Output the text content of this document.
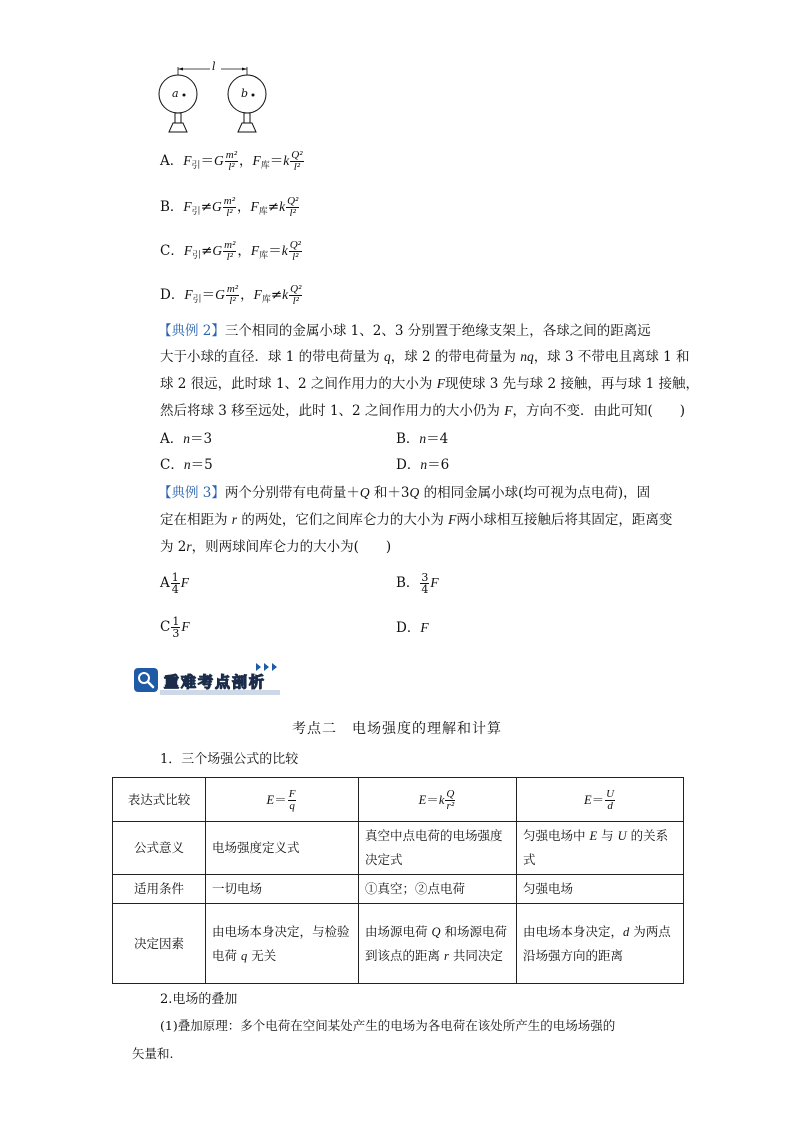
l
a	b
A．$F_引=G \frac{\text{m²}}{\text{l²}}$ ，$F_库=k \frac{\text{Q²}}{\text{l²}}$
B．$F_引\ne G \frac{\text{m²}}{\text{l²}}$ ，$F_库\ne k \frac{\text{Q²}}{\text{l²}}$
C．$F_引\ne G \frac{\text{m²}}{\text{l²}}$ ，$F_库=k \frac{\text{Q²}}{\text{l²}}$
D．$F_引=G \frac{\text{m²}}{\text{l²}}$ ，$F_库\ne k \frac{\text{Q²}}{\text{l²}}$
【典例 2】三个相同的金属小球 1、2、3 分别置于绝缘支架上，各球之间的距离远
大于小球的直径．球 1 的带电荷量为 q，球 2 的带电荷量为 nq，球 3 不带电且离球 1 和
球 2 很远，此时球 1、2 之间作用力的大小为 F现使球 3 先与球 2 接触，再与球 1 接触，
然后将球 3 移至远处，此时 1、2 之间作用力的大小仍为 F，方向不变．由此可知(　　)
A．n＝3	B．n＝4
C．n＝5	D．n＝6
【典例 3】两个分别带有电荷量＋Q 和＋3Q 的相同金属小球(均可视为点电荷)，固
定在相距为 r 的两处，它们之间库仑力的大小为 F两小球相互接触后将其固定，距离变
为 2r，则两球间库仑力的大小为(　　)
A $\frac{1}{4}$ F	B． $\frac{3}{4}$ F
C $\frac{1}{3}$ F	D．F
重难考点剖析
考点二　电场强度的理解和计算
1．三个场强公式的比较
表达式比较	$E= \frac{F}{q}$	$E=k \frac{Q}{\text{r²}}$	$E= \frac{U}{d}$

公式意义	电场强度定义式	真空中点电荷的电场强度决定式	匀强电场中 E 与 U 的关系式
适用条件	一切电场	①真空；②点电荷	匀强电场
决定因素	由电场本身决定，与检验电荷 q 无关	由场源电荷 Q 和场源电荷到该点的距离 r 共同决定	由电场本身决定，d 为两点沿场强方向的距离
2.电场的叠加
(1)叠加原理：多个电荷在空间某处产生的电场为各电荷在该处所产生的电场场强的
矢量和.
